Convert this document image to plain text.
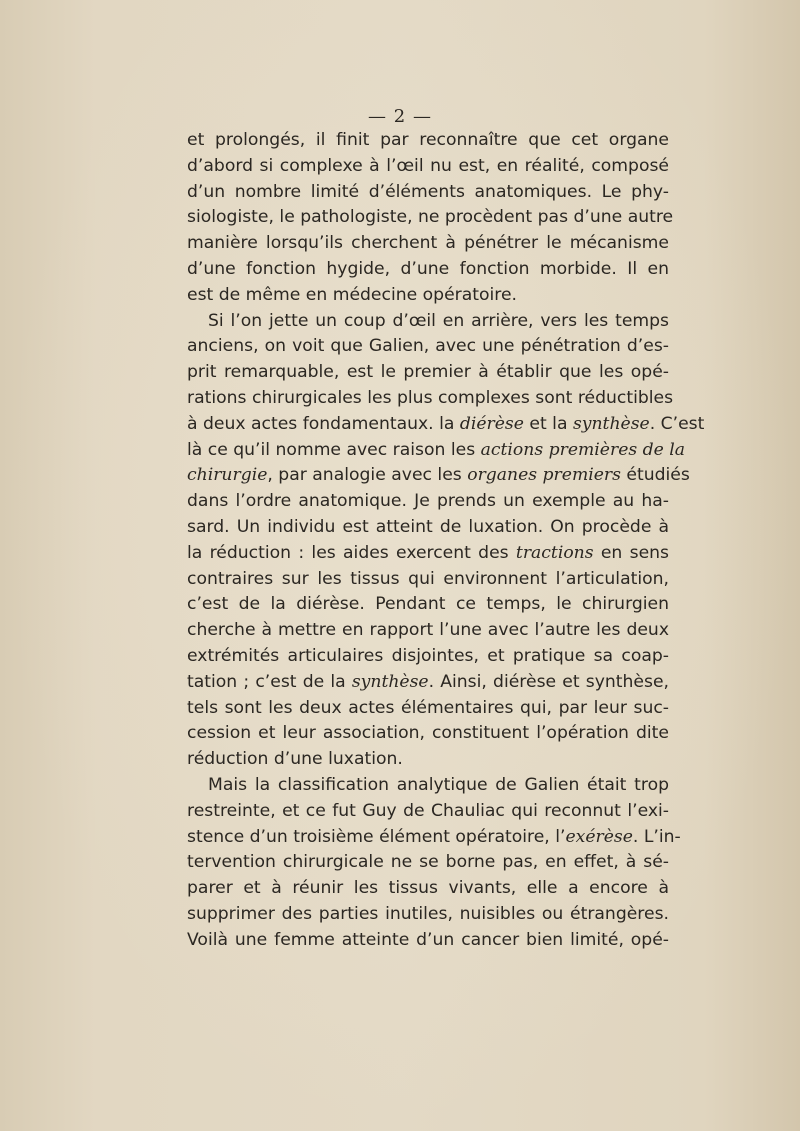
— 2 —
et prolongés, il finit par reconnaître que cet organe
d’abord si complexe à l’œil nu est, en réalité, composé
d’un nombre limité d’éléments anatomiques. Le phy-
siologiste, le pathologiste, ne procèdent pas d’une autre
manière lorsqu’ils cherchent à pénétrer le mécanisme
d’une fonction hygide, d’une fonction morbide. Il en
est de même en médecine opératoire.
Si l’on jette un coup d’œil en arrière, vers les temps
anciens, on voit que Galien, avec une pénétration d’es-
prit remarquable, est le premier à établir que les opé-
rations chirurgicales les plus complexes sont réductibles
à deux actes fondamentaux. la diérèse et la synthèse. C’est
là ce qu’il nomme avec raison les actions premières de la
chirurgie, par analogie avec les organes premiers étudiés
dans l’ordre anatomique. Je prends un exemple au ha-
sard. Un individu est atteint de luxation. On procède à
la réduction : les aides exercent des tractions en sens
contraires sur les tissus qui environnent l’articulation,
c’est de la diérèse. Pendant ce temps, le chirurgien
cherche à mettre en rapport l’une avec l’autre les deux
extrémités articulaires disjointes, et pratique sa coap-
tation ; c’est de la synthèse. Ainsi, diérèse et synthèse,
tels sont les deux actes élémentaires qui, par leur suc-
cession et leur association, constituent l’opération dite
réduction d’une luxation.
Mais la classification analytique de Galien était trop
restreinte, et ce fut Guy de Chauliac qui reconnut l’exi-
stence d’un troisième élément opératoire, l’exérèse. L’in-
tervention chirurgicale ne se borne pas, en effet, à sé-
parer et à réunir les tissus vivants, elle a encore à
supprimer des parties inutiles, nuisibles ou étrangères.
Voilà une femme atteinte d’un cancer bien limité, opé-
